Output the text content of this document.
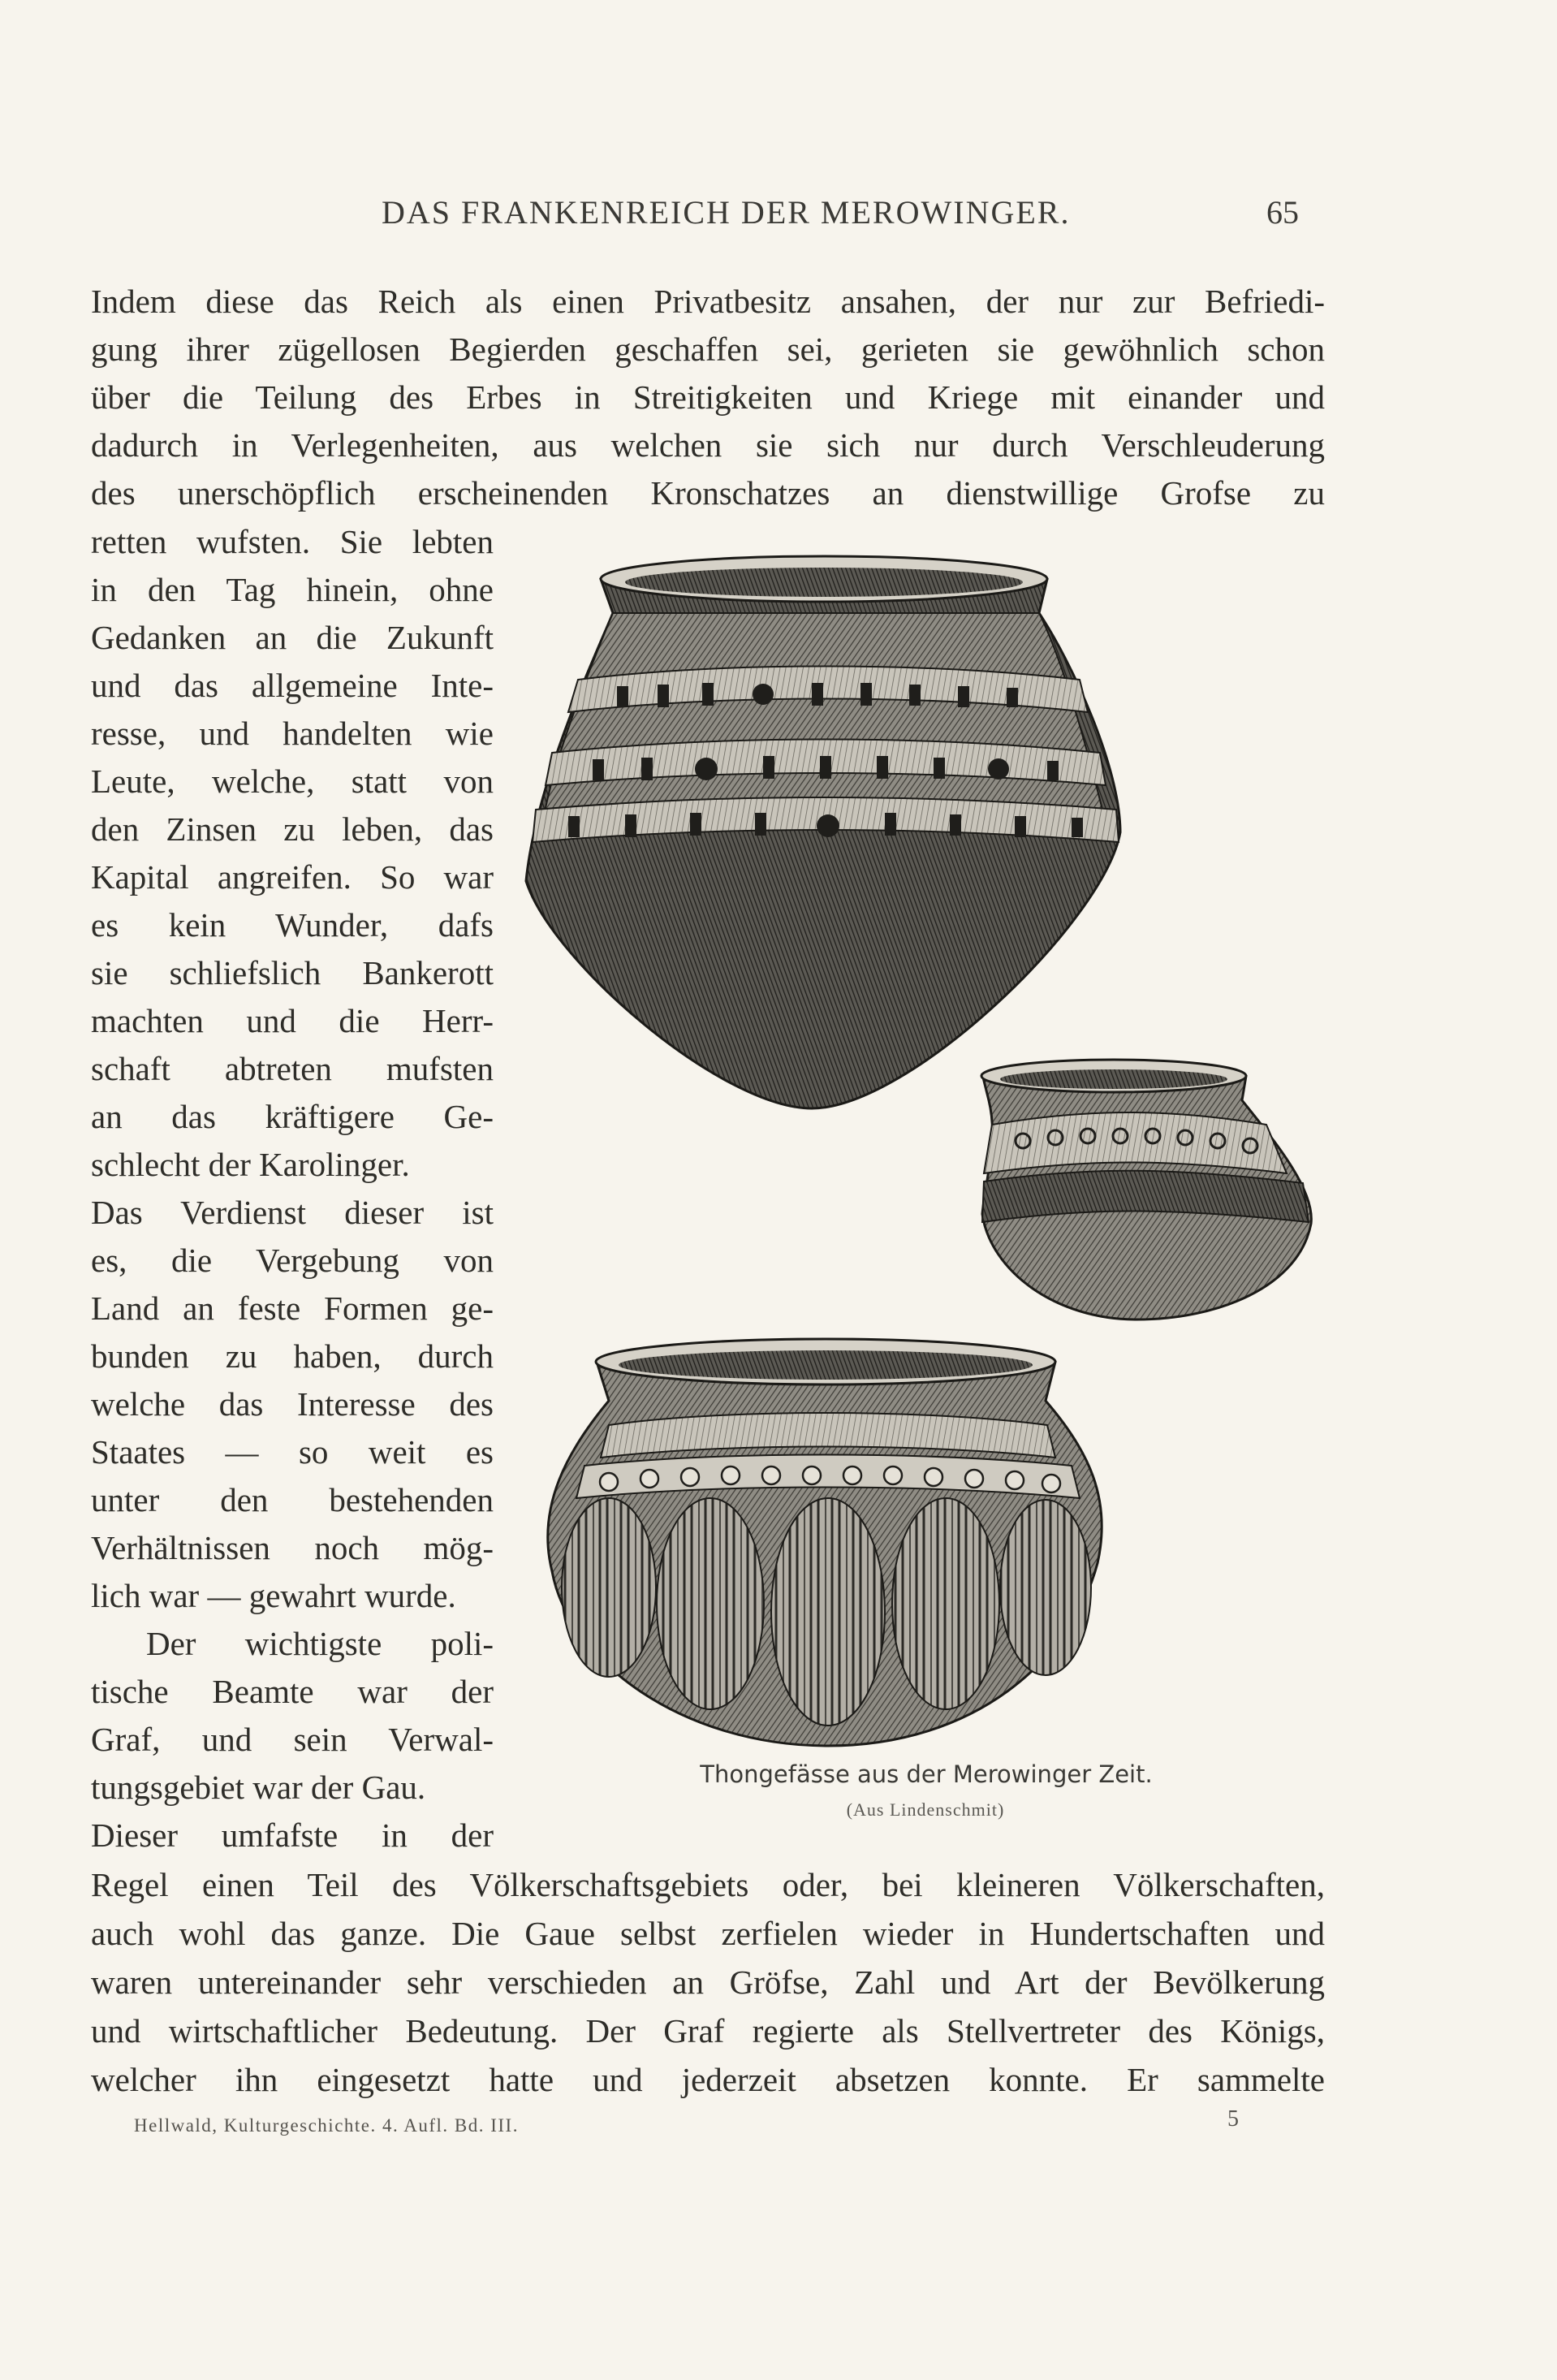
DAS FRANKENREICH DER MEROWINGER.	65
Indem diese das Reich als einen Privatbesitz ansahen, der nur zur Befriedi-
gung ihrer zügellosen Begierden geschaffen sei, gerieten sie gewöhnlich schon
über die Teilung des Erbes in Streitigkeiten und Kriege mit einander und
dadurch in Verlegenheiten, aus welchen sie sich nur durch Verschleuderung
des unerschöpflich erscheinenden Kronschatzes an dienstwillige Grofse zu
retten wufsten. Sie lebten
in den Tag hinein, ohne
Gedanken an die Zukunft
und das allgemeine Inte-
resse, und handelten wie
Leute, welche, statt von
den Zinsen zu leben, das
Kapital angreifen. So war
es kein Wunder, dafs
sie schliefslich Bankerott
machten und die Herr-
schaft abtreten mufsten
an das kräftigere Ge-
schlecht der Karolinger.
Das Verdienst dieser ist
es, die Vergebung von
Land an feste Formen ge-
bunden zu haben, durch
welche das Interesse des
Staates — so weit es
unter den bestehenden
Verhältnissen noch mög-
lich war — gewahrt wurde.
Der wichtigste poli-
tische Beamte war der
Graf, und sein Verwal-
tungsgebiet war der Gau.
Dieser umfafste in der
Regel einen Teil des Völkerschaftsgebiets oder, bei kleineren Völkerschaften,
auch wohl das ganze. Die Gaue selbst zerfielen wieder in Hundertschaften und
waren untereinander sehr verschieden an Gröfse, Zahl und Art der Bevölkerung
und wirtschaftlicher Bedeutung. Der Graf regierte als Stellvertreter des Königs,
welcher ihn eingesetzt hatte und jederzeit absetzen konnte. Er sammelte
Thongefässe aus der Merowinger Zeit.
(Aus Lindenschmit)
Hellwald, Kulturgeschichte. 4. Aufl. Bd. III.	5
